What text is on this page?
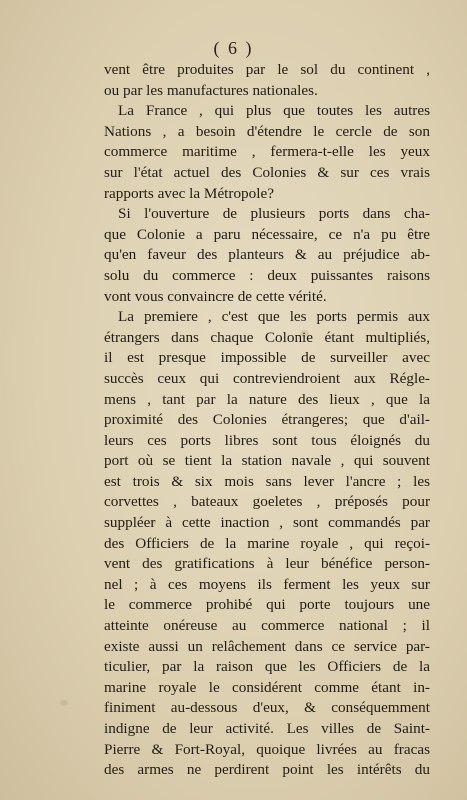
( 6 )
vent être produites par le sol du continent ,
ou par les manufactures nationales.
La France , qui plus que toutes les autres
Nations , a besoin d'étendre le cercle de son
commerce maritime , fermera-t-elle les yeux
sur l'état actuel des Colonies & sur ces vrais
rapports avec la Métropole?
Si l'ouverture de plusieurs ports dans cha-
que Colonie a paru nécessaire, ce n'a pu être
qu'en faveur des planteurs & au préjudice ab-
solu du commerce : deux puissantes raisons
vont vous convaincre de cette vérité.
La premiere , c'est que les ports permis aux
étrangers dans chaque Colonie étant multipliés,
il est presque impossible de surveiller avec
succès ceux qui contreviendroient aux Régle-
mens , tant par la nature des lieux , que la
proximité des Colonies étrangeres; que d'ail-
leurs ces ports libres sont tous éloignés du
port où se tient la station navale , qui souvent
est trois & six mois sans lever l'ancre ; les
corvettes , bateaux goeletes , préposés pour
suppléer à cette inaction , sont commandés par
des Officiers de la marine royale , qui reçoi-
vent des gratifications à leur bénéfice person-
nel ; à ces moyens ils ferment les yeux sur
le commerce prohibé qui porte toujours une
atteinte onéreuse au commerce national ; il
existe aussi un relâchement dans ce service par-
ticulier, par la raison que les Officiers de la
marine royale le considérent comme étant in-
finiment au-dessous d'eux, & conséquemment
indigne de leur activité. Les villes de Saint-
Pierre & Fort-Royal, quoique livrées au fracas
des armes ne perdirent point les intérêts du
